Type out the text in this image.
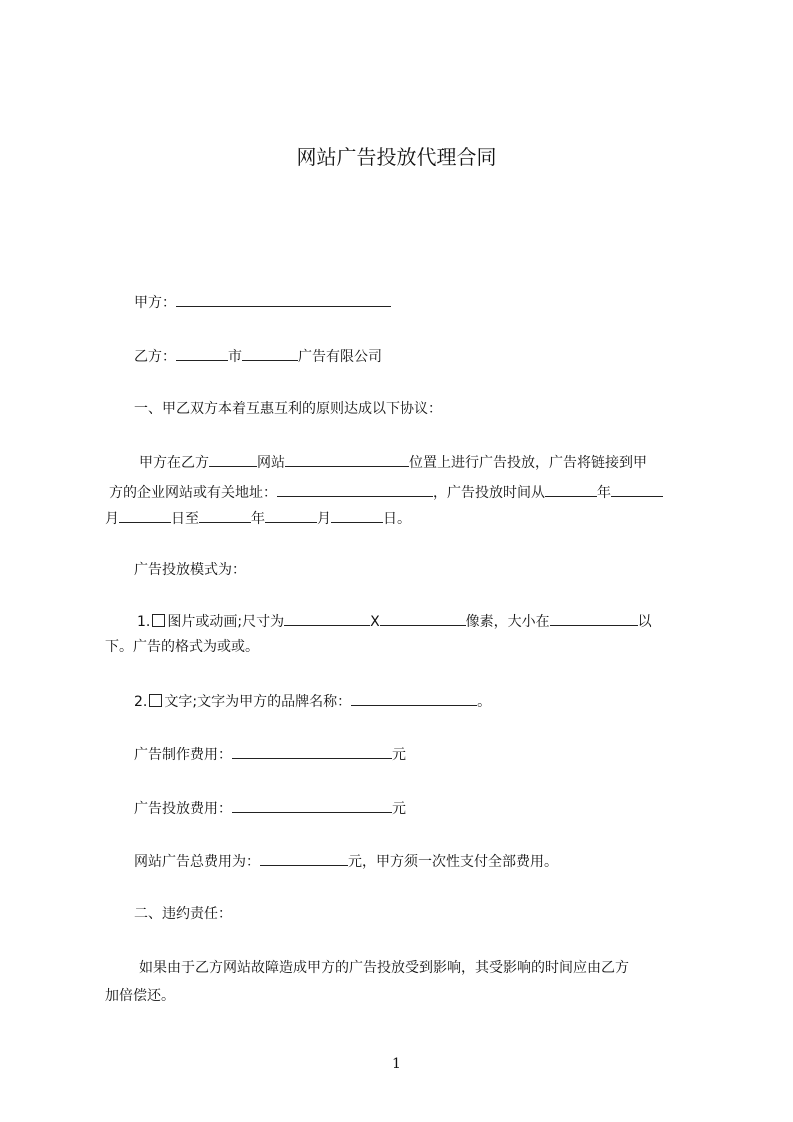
网站广告投放代理合同
甲方：
乙方：	市	广告有限公司
一、甲乙双方本着互惠互利的原则达成以下协议：
甲方在乙方	网站	位置上进行广告投放，广告将链接到甲
方的企业网站或有关地址：	，广告投放时间从	年
月	日至	年	月	日。
广告投放模式为：
1. 图片或动画;尺寸为	X	像素，大小在	以
下。广告的格式为或或。
2. 文字;文字为甲方的品牌名称：	。
广告制作费用：	元
广告投放费用：	元
网站广告总费用为：	元，甲方须一次性支付全部费用。
二、违约责任：
如果由于乙方网站故障造成甲方的广告投放受到影响，其受影响的时间应由乙方
加倍偿还。
1
